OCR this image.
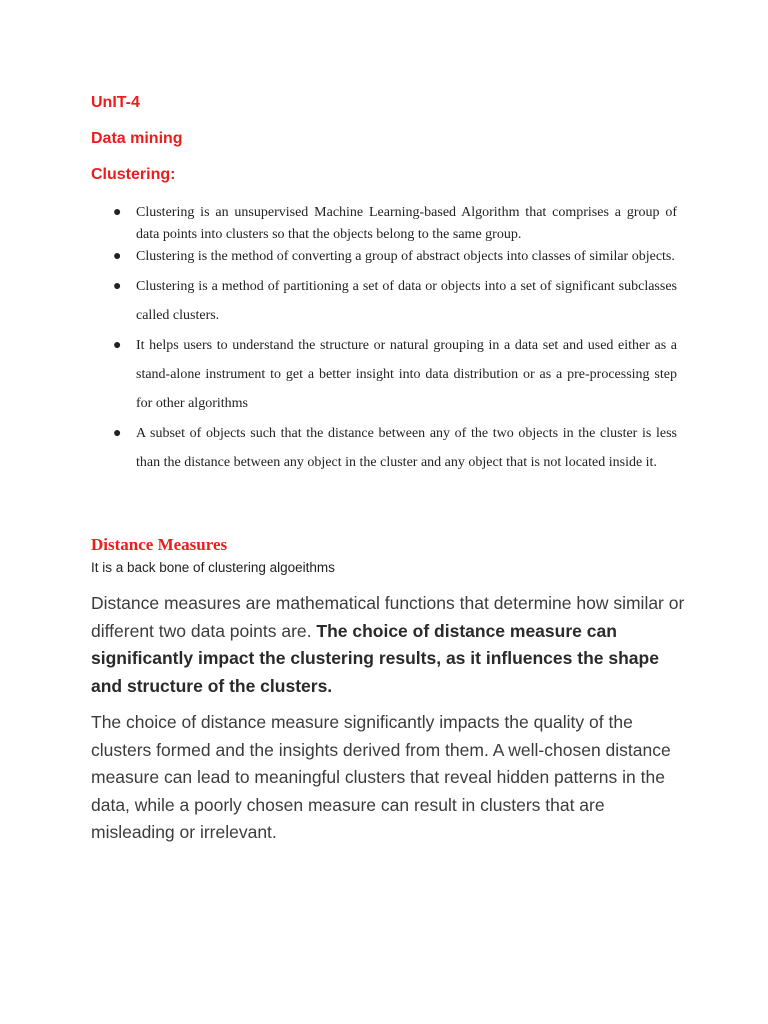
UnIT-4
Data mining
Clustering:
● Clustering is an unsupervised Machine Learning-based Algorithm that comprises a group of data points into clusters so that the objects belong to the same group.
● Clustering is the method of converting a group of abstract objects into classes of similar objects.
● Clustering is a method of partitioning a set of data or objects into a set of significant subclasses called clusters.
● It helps users to understand the structure or natural grouping in a data set and used either as a stand-alone instrument to get a better insight into data distribution or as a pre-processing step for other algorithms
● A subset of objects such that the distance between any of the two objects in the cluster is less than the distance between any object in the cluster and any object that is not located inside it.
Distance Measures

It is a back bone of clustering algoeithms

Distance measures are mathematical functions that determine how similar or different two data points are. The choice of distance measure can significantly impact the clustering results, as it influences the shape and structure of the clusters.

The choice of distance measure significantly impacts the quality of the clusters formed and the insights derived from them. A well-chosen distance measure can lead to meaningful clusters that reveal hidden patterns in the data, while a poorly chosen measure can result in clusters that are misleading or irrelevant.
